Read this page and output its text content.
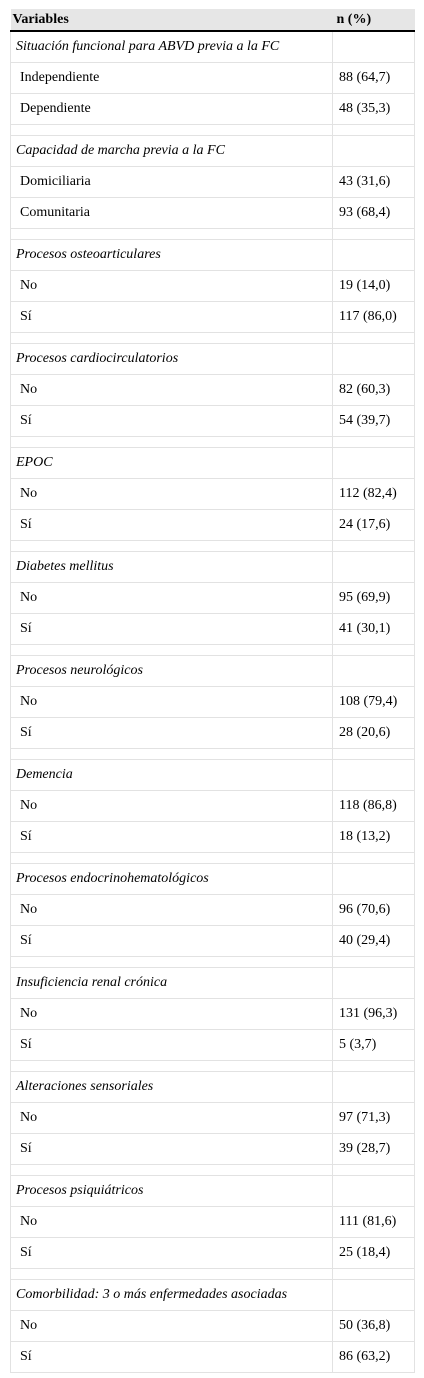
Variables	n (%)
Situación funcional para ABVD previa a la FC	
Independiente	88 (64,7)
Dependiente	48 (35,3)

Capacidad de marcha previa a la FC	
Domiciliaria	43 (31,6)
Comunitaria	93 (68,4)

Procesos osteoarticulares	
No	19 (14,0)
Sí	117 (86,0)

Procesos cardiocirculatorios	
No	82 (60,3)
Sí	54 (39,7)

EPOC	
No	112 (82,4)
Sí	24 (17,6)

Diabetes mellitus	
No	95 (69,9)
Sí	41 (30,1)

Procesos neurológicos	
No	108 (79,4)
Sí	28 (20,6)

Demencia	
No	118 (86,8)
Sí	18 (13,2)

Procesos endocrinohematológicos	
No	96 (70,6)
Sí	40 (29,4)

Insuficiencia renal crónica	
No	131 (96,3)
Sí	5 (3,7)

Alteraciones sensoriales	
No	97 (71,3)
Sí	39 (28,7)

Procesos psiquiátricos	
No	111 (81,6)
Sí	25 (18,4)

Comorbilidad: 3 o más enfermedades asociadas	
No	50 (36,8)
Sí	86 (63,2)
